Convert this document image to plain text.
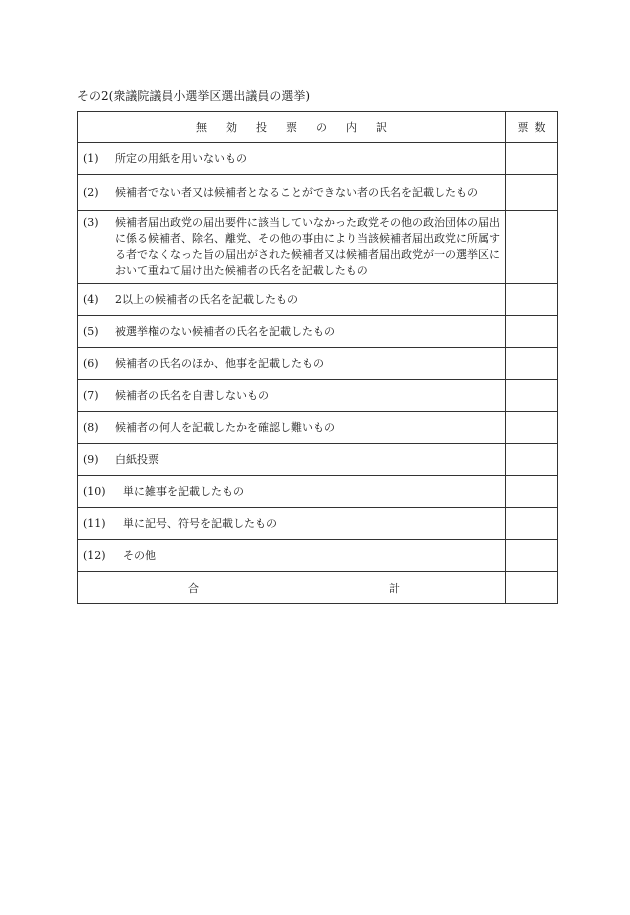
その2(衆議院議員小選挙区選出議員の選挙)
無効投票の内訳	票数

(1) 所定の用紙を用いないもの	

(2) 候補者でない者又は候補者となることができない者の氏名を記載したもの	

(3) 候補者届出政党の届出要件に該当していなかった政党その他の政治団体の届出に係る候補者、除名、離党、その他の事由により当該候補者届出政党に所属する者でなくなった旨の届出がされた候補者又は候補者届出政党が一の選挙区において重ねて届け出た候補者の氏名を記載したもの	

(4) 2以上の候補者の氏名を記載したもの	

(5) 被選挙権のない候補者の氏名を記載したもの	

(6) 候補者の氏名のほか、他事を記載したもの	

(7) 候補者の氏名を自書しないもの	

(8) 候補者の何人を記載したかを確認し難いもの	

(9) 白紙投票	

(10) 単に雑事を記載したもの	

(11) 単に記号、符号を記載したもの	

(12) その他	

合 計	
